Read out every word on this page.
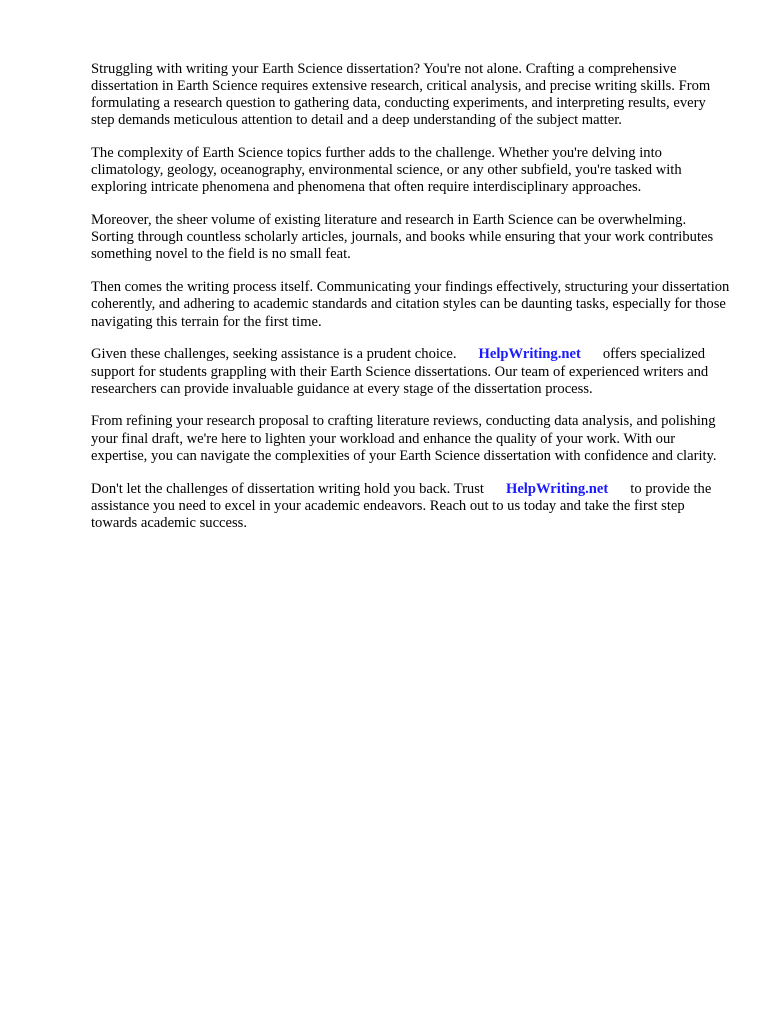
Struggling with writing your Earth Science dissertation? You're not alone. Crafting a comprehensive dissertation in Earth Science requires extensive research, critical analysis, and precise writing skills. From formulating a research question to gathering data, conducting experiments, and interpreting results, every step demands meticulous attention to detail and a deep understanding of the subject matter.

The complexity of Earth Science topics further adds to the challenge. Whether you're delving into climatology, geology, oceanography, environmental science, or any other subfield, you're tasked with exploring intricate phenomena and phenomena that often require interdisciplinary approaches.

Moreover, the sheer volume of existing literature and research in Earth Science can be overwhelming. Sorting through countless scholarly articles, journals, and books while ensuring that your work contributes something novel to the field is no small feat.

Then comes the writing process itself. Communicating your findings effectively, structuring your dissertation coherently, and adhering to academic standards and citation styles can be daunting tasks, especially for those navigating this terrain for the first time.

Given these challenges, seeking assistance is a prudent choice. HelpWriting.net offers specialized support for students grappling with their Earth Science dissertations. Our team of experienced writers and researchers can provide invaluable guidance at every stage of the dissertation process.

From refining your research proposal to crafting literature reviews, conducting data analysis, and polishing your final draft, we're here to lighten your workload and enhance the quality of your work. With our expertise, you can navigate the complexities of your Earth Science dissertation with confidence and clarity.

Don't let the challenges of dissertation writing hold you back. Trust HelpWriting.net to provide the assistance you need to excel in your academic endeavors. Reach out to us today and take the first step towards academic success.
